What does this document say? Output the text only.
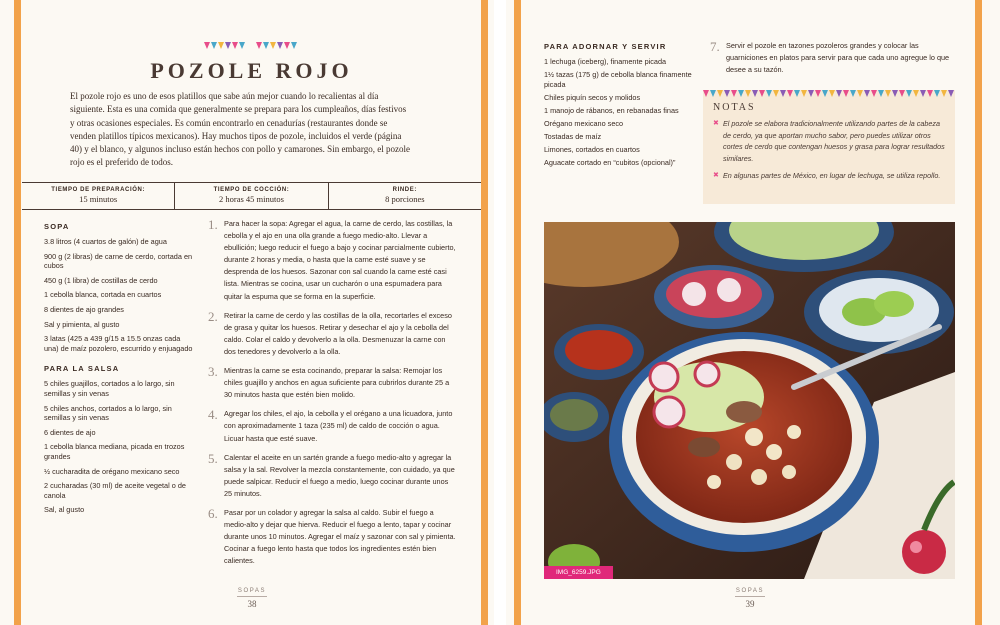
POZOLE ROJO

El pozole rojo es uno de esos platillos que sabe aún mejor cuando lo recalientas al día siguiente. Esta es una comida que generalmente se prepara para los cumpleaños, días festivos y otras ocasiones especiales. Es común encontrarlo en cenadurías (restaurantes donde se venden platillos típicos mexicanos). Hay muchos tipos de pozole, incluidos el verde (página 40) y el blanco, y algunos incluso están hechos con pollo y camarones. Sin embargo, el pozole rojo es el preferido de todos.

TIEMPO DE PREPARACIÓN:
15 minutos
TIEMPO DE COCCIÓN:
2 horas 45 minutos
RINDE:
8 porciones
SOPA
3.8 litros (4 cuartos de galón) de agua
900 g (2 libras) de carne de cerdo, cortada en cubos
450 g (1 libra) de costillas de cerdo
1 cebolla blanca, cortada en cuartos
8 dientes de ajo grandes
Sal y pimienta, al gusto
3 latas (425 a 439 g/15 a 15.5 onzas cada una) de maíz pozolero, escurrido y enjuagado
PARA LA SALSA
5 chiles guajillos, cortados a lo largo, sin semillas y sin venas
5 chiles anchos, cortados a lo largo, sin semillas y sin venas
6 dientes de ajo
1 cebolla blanca mediana, picada en trozos grandes
½ cucharadita de orégano mexicano seco
2 cucharadas (30 ml) de aceite vegetal o de canola
Sal, al gusto
1. Para hacer la sopa: Agregar el agua, la carne de cerdo, las costillas, la cebolla y el ajo en una olla grande a fuego medio-alto. Llevar a ebullición; luego reducir el fuego a bajo y cocinar parcialmente cubierto, durante 2 horas y media, o hasta que la carne esté suave y se desprenda de los huesos. Sazonar con sal cuando la carne esté casi lista. Mientras se cocina, usar un cucharón o una espumadera para quitar la espuma que se forma en la superficie.
2. Retirar la carne de cerdo y las costillas de la olla, recortarles el exceso de grasa y quitar los huesos. Retirar y desechar el ajo y la cebolla del caldo. Colar el caldo y devolverlo a la olla. Desmenuzar la carne con dos tenedores y devolverlo a la olla.
3. Mientras la carne se esta cocinando, preparar la salsa: Remojar los chiles guajillo y anchos en agua suficiente para cubrirlos durante 25 a 30 minutos hasta que estén bien molido.
4. Agregar los chiles, el ajo, la cebolla y el orégano a una licuadora, junto con aproximadamente 1 taza (235 ml) de caldo de cocción o agua. Licuar hasta que esté suave.
5. Calentar el aceite en un sartén grande a fuego medio-alto y agregar la salsa y la sal. Revolver la mezcla constantemente, con cuidado, ya que puede salpicar. Reducir el fuego a medio, luego cocinar durante unos 25 minutos.
6. Pasar por un colador y agregar la salsa al caldo. Subir el fuego a medio-alto y dejar que hierva. Reducir el fuego a lento, tapar y cocinar durante unos 10 minutos. Agregar el maíz y sazonar con sal y pimienta. Cocinar a fuego lento hasta que todos los ingredientes estén bien calientes.
SOPAS
38
PARA ADORNAR Y SERVIR
1 lechuga (iceberg), finamente picada
1½ tazas (175 g) de cebolla blanca finamente picada
Chiles piquín secos y molidos
1 manojo de rábanos, en rebanadas finas
Orégano mexicano seco
Tostadas de maíz
Limones, cortados en cuartos
Aguacate cortado en “cubitos (opcional)”
7. Servir el pozole en tazones pozoleros grandes y colocar las guarniciones en platos para servir para que cada uno agregue lo que desee a su tazón.
NOTAS
✖ El pozole se elabora tradicionalmente utilizando partes de la cabeza de cerdo, ya que aportan mucho sabor, pero puedes utilizar otros cortes de cerdo que contengan huesos y grasa para lograr resultados similares.
✖ En algunas partes de México, en lugar de lechuga, se utiliza repollo.
IMG_6259.JPG
SOPAS
39
